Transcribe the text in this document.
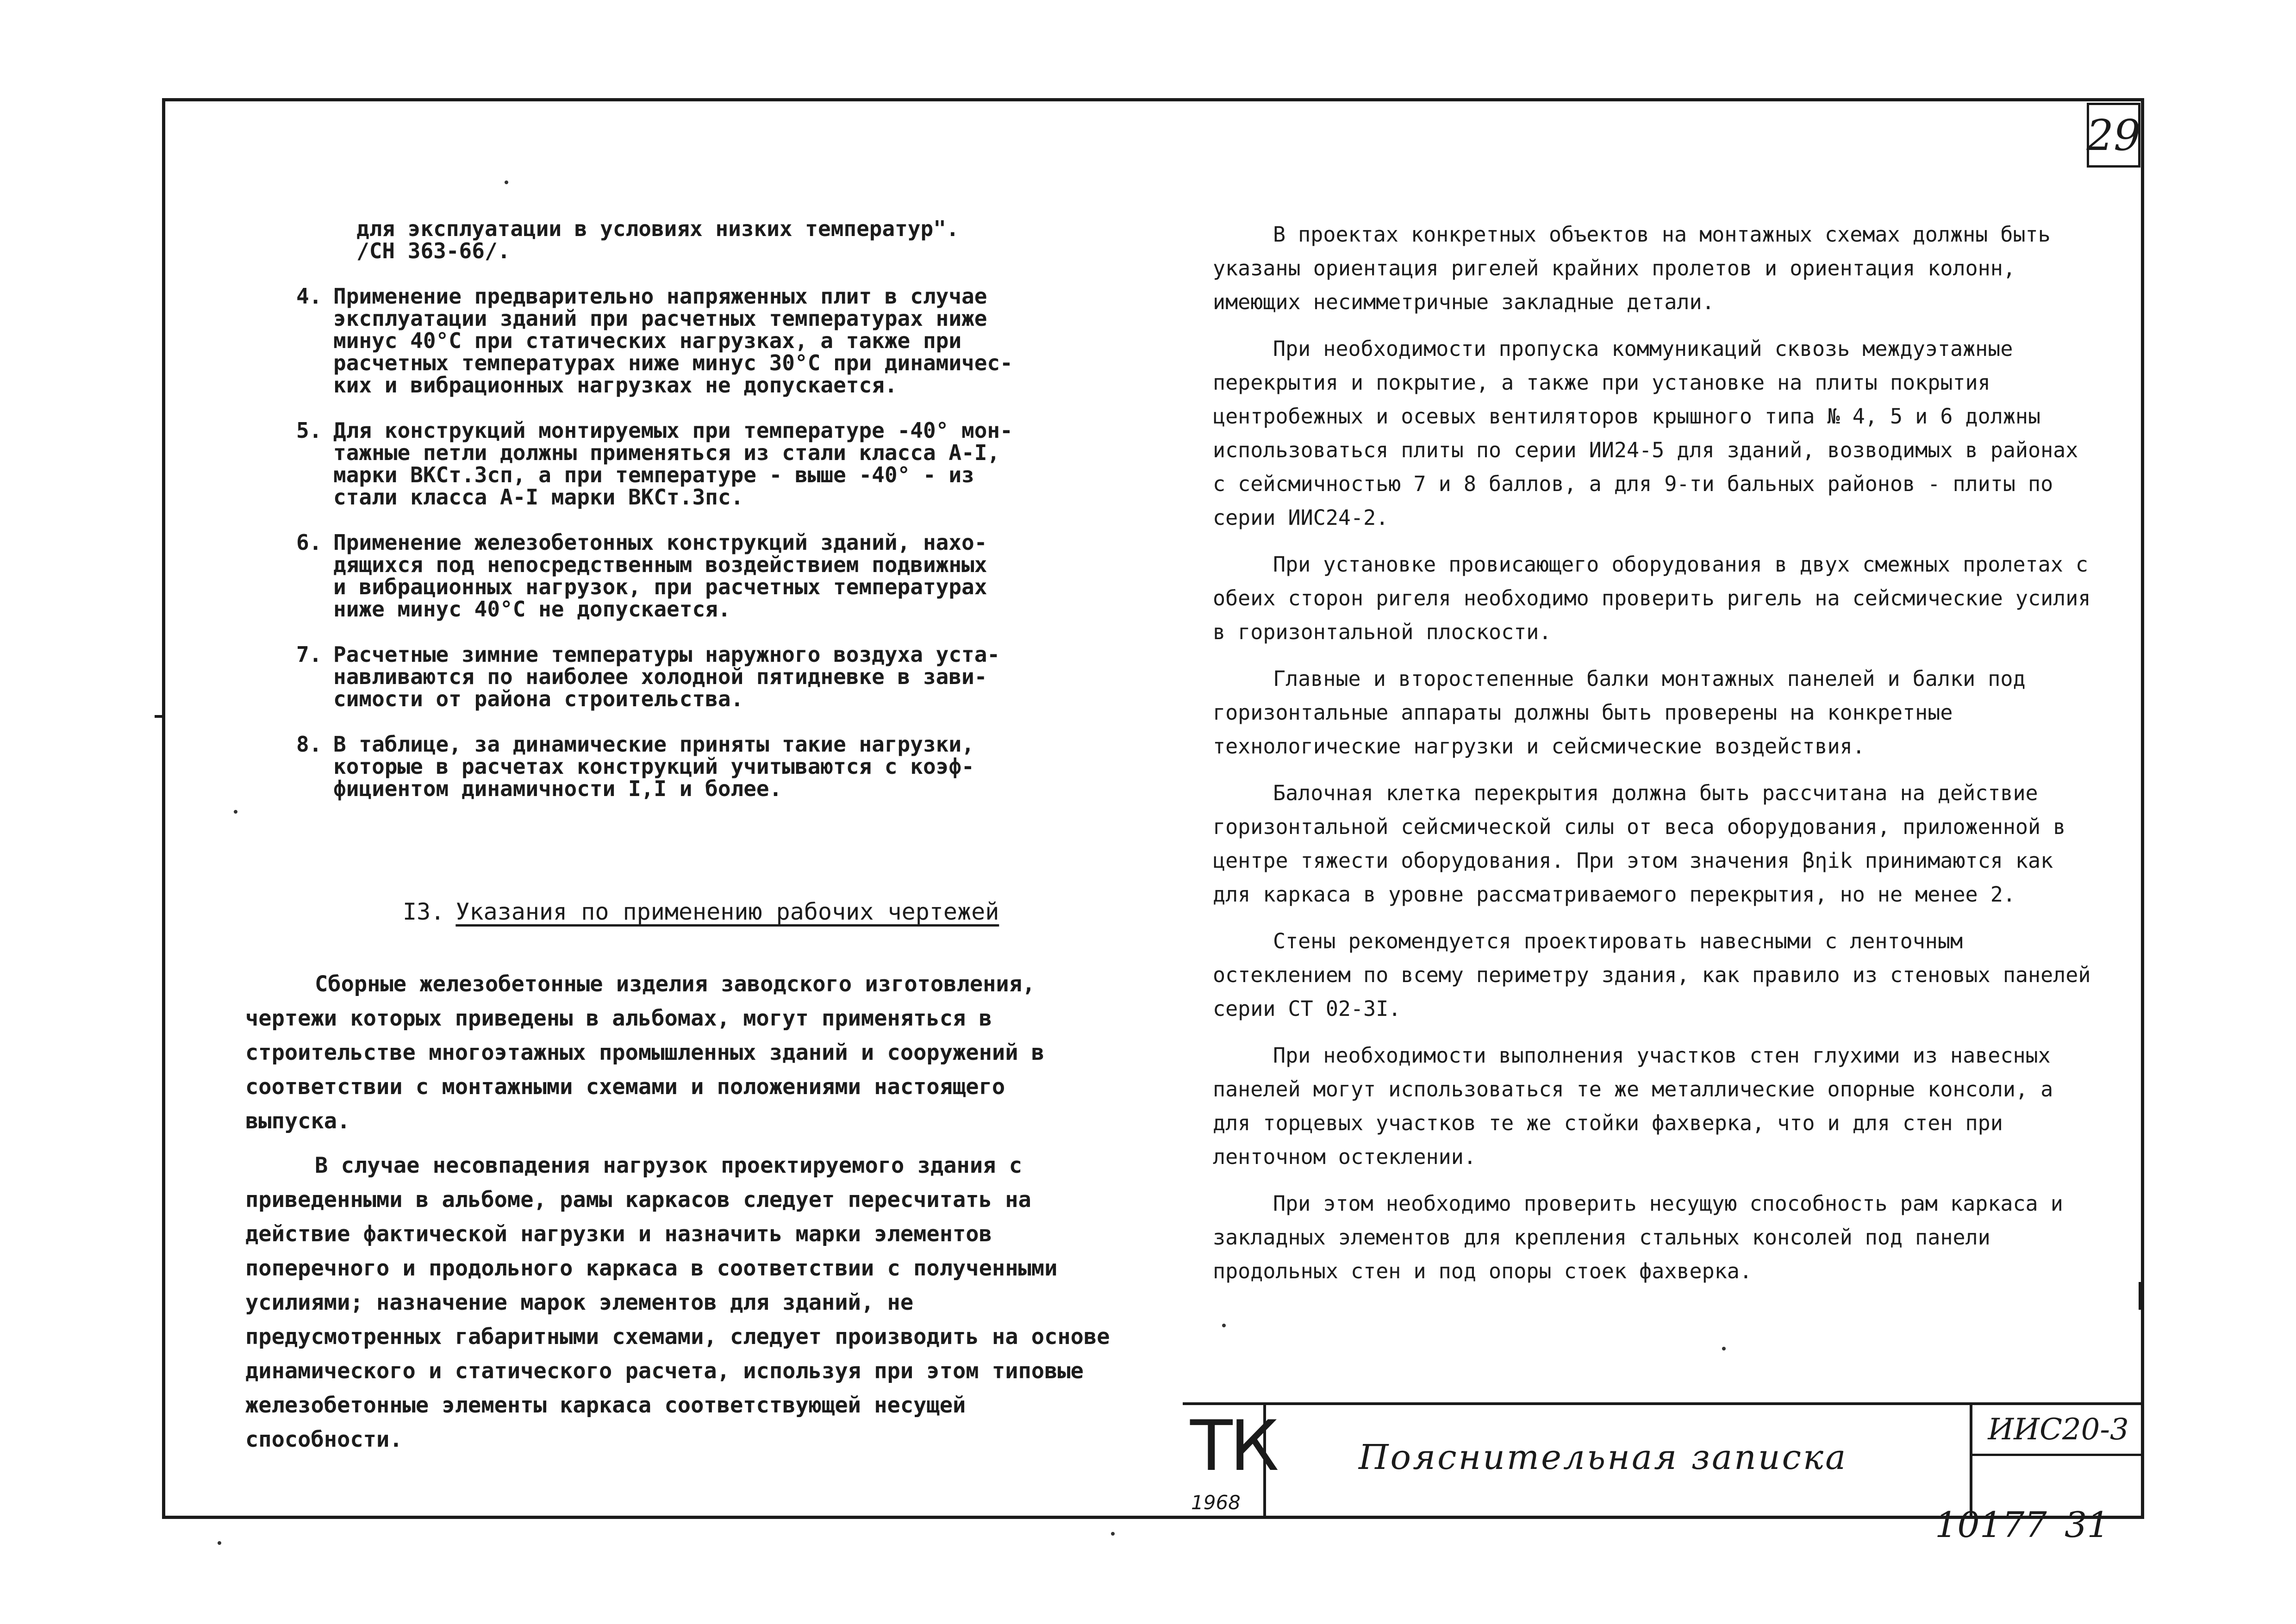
29
для эксплуатации в условиях низких температур".
/СН 363-66/.
4. Применение предварительно напряженных плит в случае
эксплуатации зданий при расчетных температурах ниже
минус 40°С при статических нагрузках, а также при
расчетных температурах ниже минус 30°С при динамичес-
ких и вибрационных нагрузках не допускается.
5. Для конструкций монтируемых при температуре -40° мон-
тажные петли должны применяться из стали класса А-I,
марки ВКСт.3сп, а при температуре - выше -40° - из
стали класса А-I марки ВКСт.3пс.
6. Применение железобетонных конструкций зданий, нахо-
дящихся под непосредственным воздействием подвижных
и вибрационных нагрузок, при расчетных температурах
ниже минус 40°С не допускается.
7. Расчетные зимние температуры наружного воздуха уста-
навливаются по наиболее холодной пятидневке в зави-
симости от района строительства.
8. В таблице, за динамические приняты такие нагрузки,
которые в расчетах конструкций учитываются с коэф-
фициентом динамичности I,I и более.
I3. Указания по применению рабочих чертежей

Сборные железобетонные изделия заводского изготовления, чертежи которых приведены в альбомах, могут применяться в строительстве многоэтажных промышленных зданий и сооружений в соответствии с монтажными схемами и положениями настоящего выпуска.

В случае несовпадения нагрузок проектируемого здания с приведенными в альбоме, рамы каркасов следует пересчитать на действие фактической нагрузки и назначить марки элементов поперечного и продольного каркаса в соответствии с полученными усилиями; назначение марок элементов для зданий, не предусмотренных габаритными схемами, следует производить на основе динамического и статического расчета, используя при этом типовые железобетонные элементы каркаса соответствующей несущей способности.

В проектах конкретных объектов на монтажных схемах должны быть указаны ориентация ригелей крайних пролетов и ориентация колонн, имеющих несимметричные закладные детали.

При необходимости пропуска коммуникаций сквозь междуэтажные перекрытия и покрытие, а также при установке на плиты покрытия центробежных и осевых вентиляторов крышного типа № 4, 5 и 6 должны использоваться плиты по серии ИИ24-5 для зданий, возводимых в районах с сейсмичностью 7 и 8 баллов, а для 9-ти бальных районов - плиты по серии ИИС24-2.

При установке провисающего оборудования в двух смежных пролетах с обеих сторон ригеля необходимо проверить ригель на сейсмические усилия в горизонтальной плоскости.

Главные и второстепенные балки монтажных панелей и балки под горизонтальные аппараты должны быть проверены на конкретные технологические нагрузки и сейсмические воздействия.

Балочная клетка перекрытия должна быть рассчитана на действие горизонтальной сейсмической силы от веса оборудования, приложенной в центре тяжести оборудования. При этом значения βηik принимаются как для каркаса в уровне рассматриваемого перекрытия, но не менее 2.

Стены рекомендуется проектировать навесными с ленточным остеклением по всему периметру здания, как правило из стеновых панелей серии СТ 02-3I.

При необходимости выполнения участков стен глухими из навесных панелей могут использоваться те же металлические опорные консоли, а для торцевых участков те же стойки фахверка, что и для стен при ленточном остеклении.

При этом необходимо проверить несущую способность рам каркаса и закладных элементов для крепления стальных консолей под панели продольных стен и под опоры стоек фахверка.

ТК
1968
Пояснительная записка
ИИС20-3
10177 31
